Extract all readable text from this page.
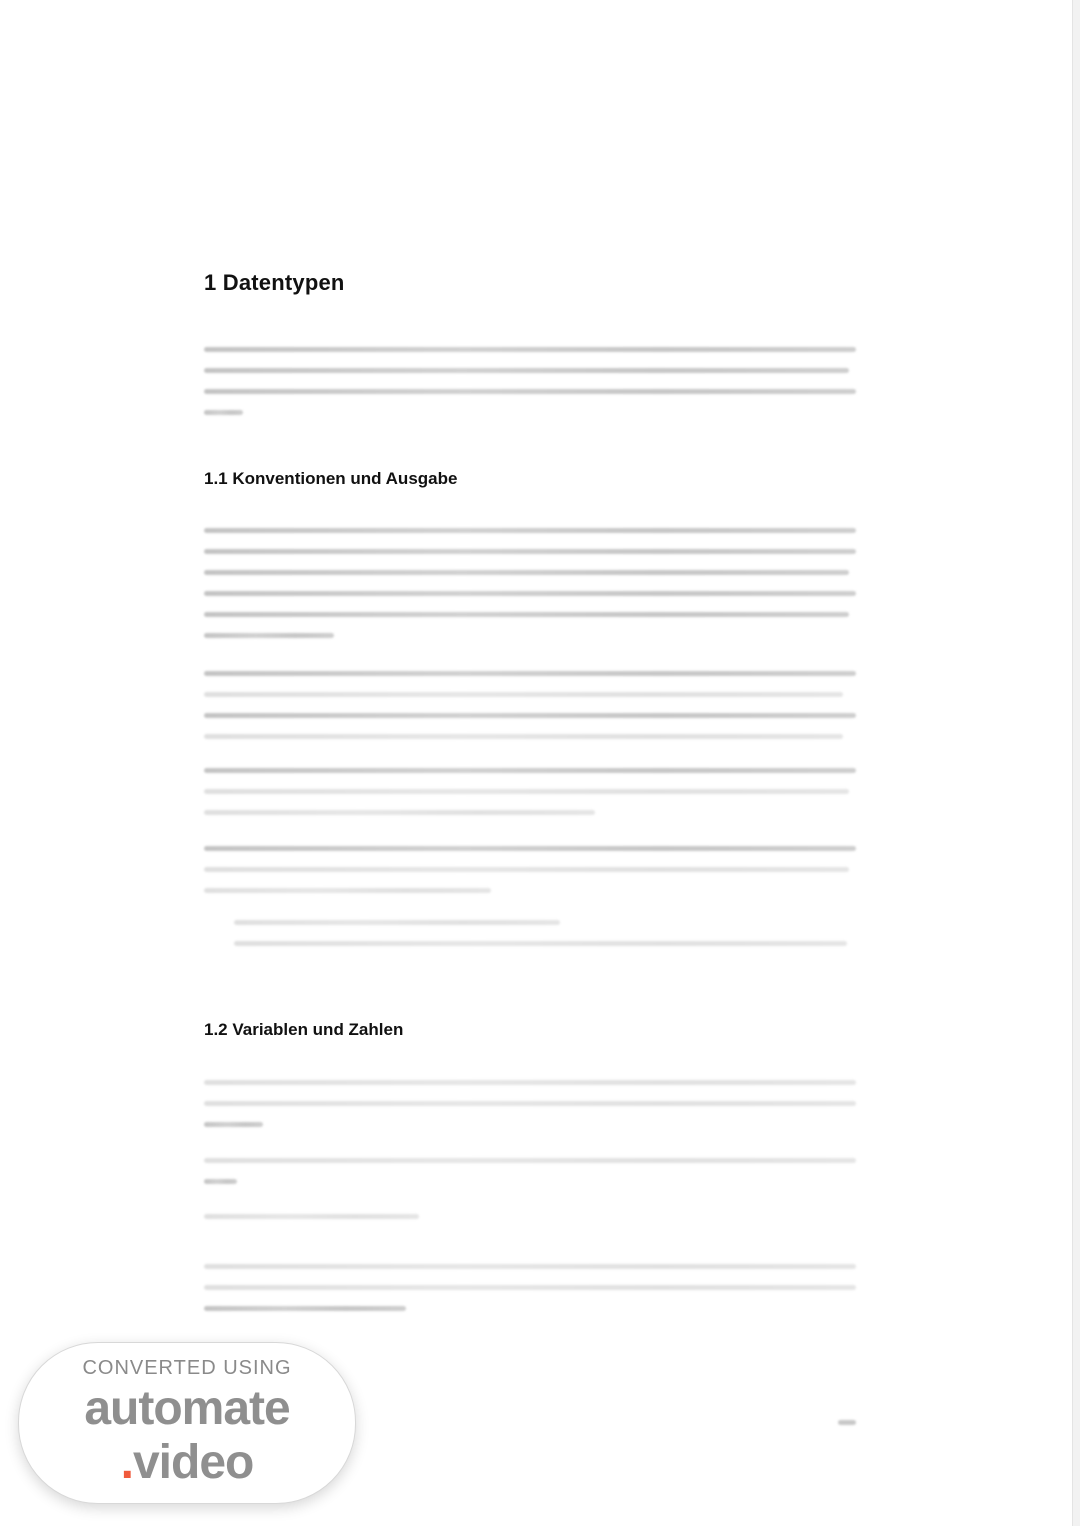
1 Datentypen
1.1 Konventionen und Ausgabe
1.2 Variablen und Zahlen
CONVERTED USING
automate
.video
